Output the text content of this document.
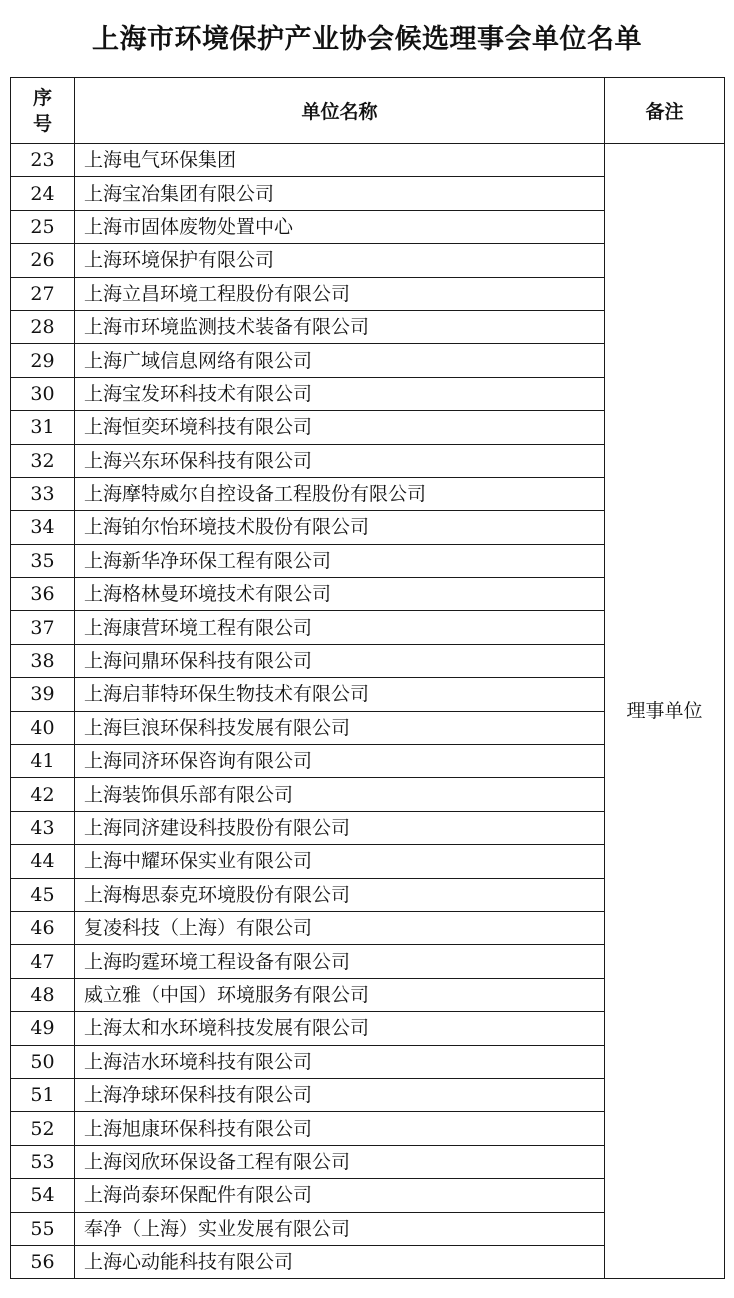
上海市环境保护产业协会候选理事会单位名单
序
号	单位名称	备注
23	上海电气环保集团	理事单位
24	上海宝冶集团有限公司	
25	上海市固体废物处置中心	
26	上海环境保护有限公司	
27	上海立昌环境工程股份有限公司	
28	上海市环境监测技术装备有限公司	
29	上海广域信息网络有限公司	
30	上海宝发环科技术有限公司	
31	上海恒奕环境科技有限公司	
32	上海兴东环保科技有限公司	
33	上海摩特威尔自控设备工程股份有限公司	
34	上海铂尔怡环境技术股份有限公司	
35	上海新华净环保工程有限公司	
36	上海格林曼环境技术有限公司	
37	上海康营环境工程有限公司	
38	上海问鼎环保科技有限公司	
39	上海启菲特环保生物技术有限公司	
40	上海巨浪环保科技发展有限公司	
41	上海同济环保咨询有限公司	
42	上海装饰俱乐部有限公司	
43	上海同济建设科技股份有限公司	
44	上海中耀环保实业有限公司	
45	上海梅思泰克环境股份有限公司	
46	复凌科技（上海）有限公司	
47	上海昀霆环境工程设备有限公司	
48	威立雅（中国）环境服务有限公司	
49	上海太和水环境科技发展有限公司	
50	上海洁水环境科技有限公司	
51	上海净球环保科技有限公司	
52	上海旭康环保科技有限公司	
53	上海闵欣环保设备工程有限公司	
54	上海尚泰环保配件有限公司	
55	奉净（上海）实业发展有限公司	
56	上海心动能科技有限公司	
